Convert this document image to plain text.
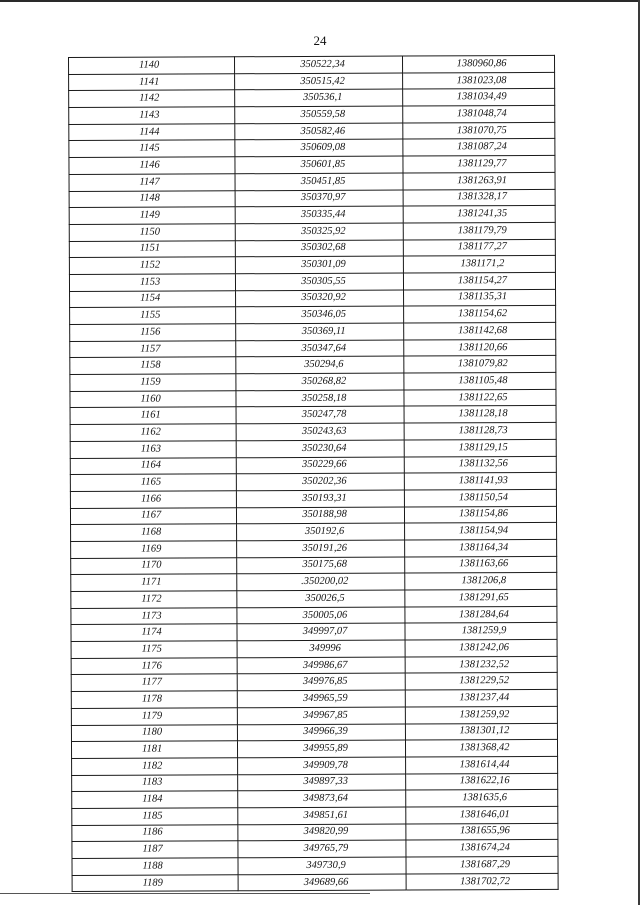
24
1140	350522,34	1380960,86
1141	350515,42	1381023,08
1142	350536,1	1381034,49
1143	350559,58	1381048,74
1144	350582,46	1381070,75
1145	350609,08	1381087,24
1146	350601,85	1381129,77
1147	350451,85	1381263,91
1148	350370,97	1381328,17
1149	350335,44	1381241,35
1150	350325,92	1381179,79
1151	350302,68	1381177,27
1152	350301,09	1381171,2
1153	350305,55	1381154,27
1154	350320,92	1381135,31
1155	350346,05	1381154,62
1156	350369,11	1381142,68
1157	350347,64	1381120,66
1158	350294,6	1381079,82
1159	350268,82	1381105,48
1160	350258,18	1381122,65
1161	350247,78	1381128,18
1162	350243,63	1381128,73
1163	350230,64	1381129,15
1164	350229,66	1381132,56
1165	350202,36	1381141,93
1166	350193,31	1381150,54
1167	350188,98	1381154,86
1168	350192,6	1381154,94
1169	350191,26	1381164,34
1170	350175,68	1381163,66
1171	.350200,02	1381206,8
1172	350026,5	1381291,65
1173	350005,06	1381284,64
1174	349997,07	1381259,9
1175	349996	1381242,06
1176	349986,67	1381232,52
1177	349976,85	1381229,52
1178	349965,59	1381237,44
1179	349967,85	1381259,92
1180	349966,39	1381301,12
1181	349955,89	1381368,42
1182	349909,78	1381614,44
1183	349897,33	1381622,16
1184	349873,64	1381635,6
1185	349851,61	1381646,01
1186	349820,99	1381655,96
1187	349765,79	1381674,24
1188	349730,9	1381687,29
1189	349689,66	1381702,72
